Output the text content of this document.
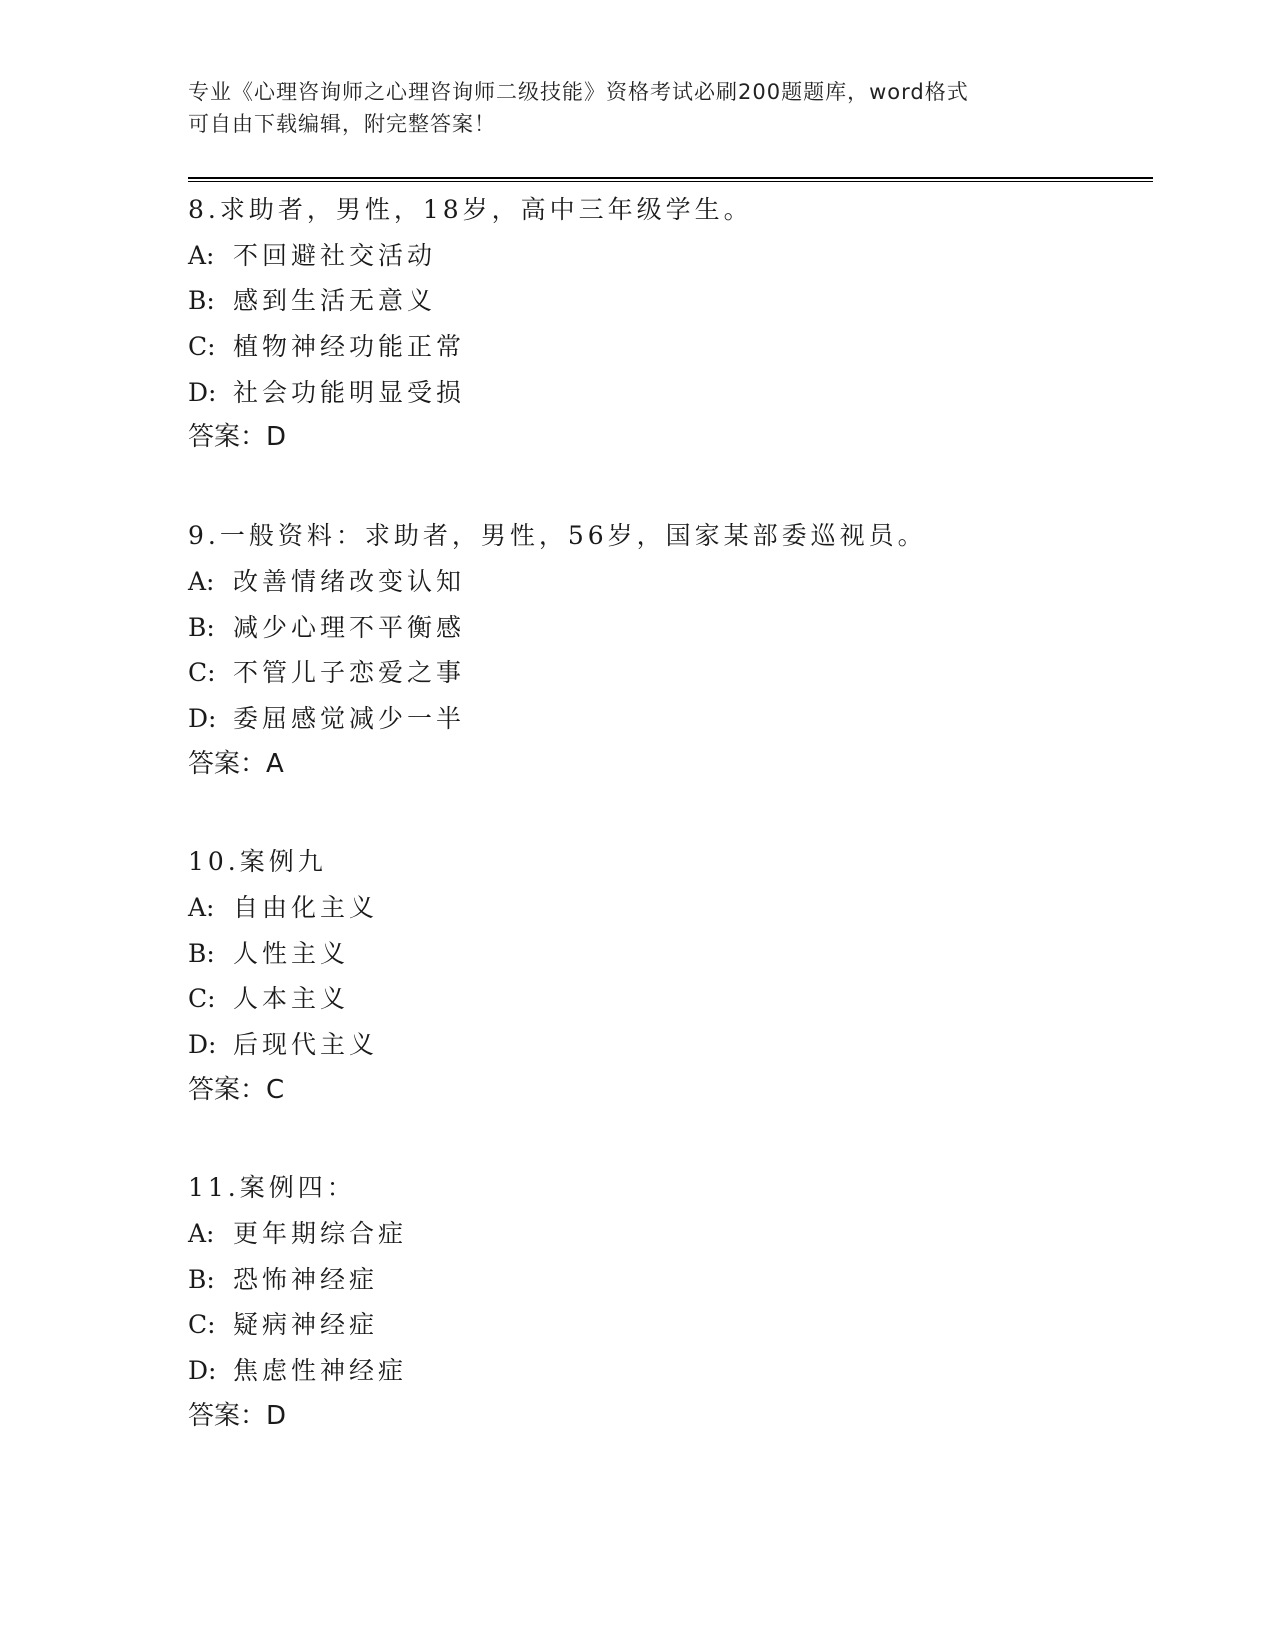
专业《心理咨询师之心理咨询师二级技能》资格考试必刷200题题库，word格式
可自由下载编辑，附完整答案！
8.求助者，男性，18岁，高中三年级学生。
A: 不回避社交活动
B: 感到生活无意义
C: 植物神经功能正常
D: 社会功能明显受损
答案：D
9.一般资料：求助者，男性，56岁，国家某部委巡视员。
A: 改善情绪改变认知
B: 减少心理不平衡感
C: 不管儿子恋爱之事
D: 委屈感觉减少一半
答案：A
10.案例九
A: 自由化主义
B: 人性主义
C: 人本主义
D: 后现代主义
答案：C
11.案例四：
A: 更年期综合症
B: 恐怖神经症
C: 疑病神经症
D: 焦虑性神经症
答案：D
